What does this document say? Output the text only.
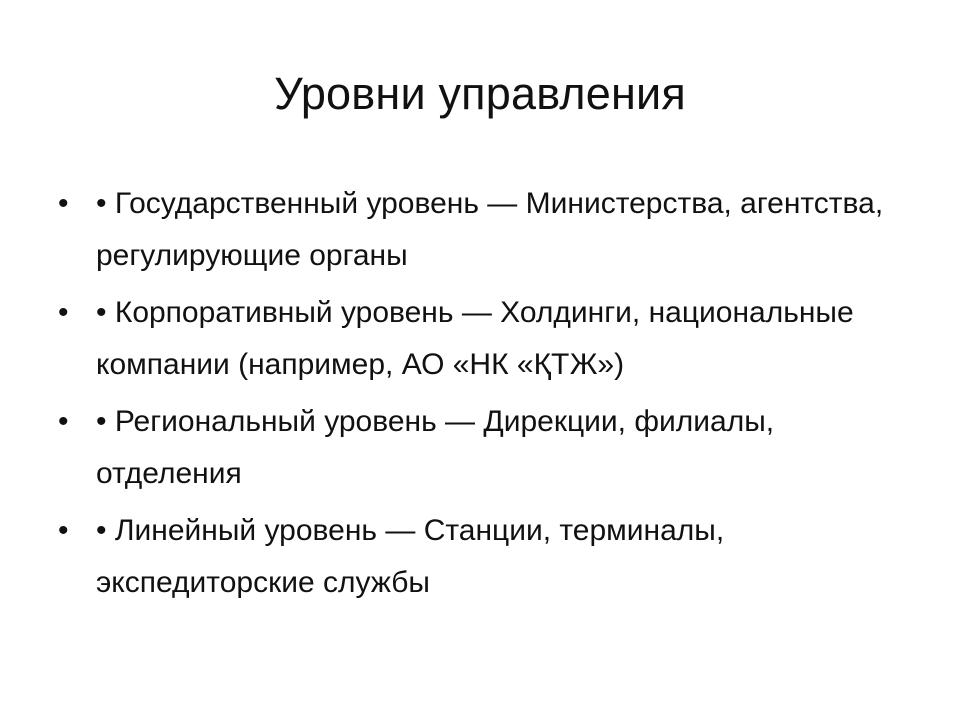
Уровни управления
• • Государственный уровень — Министерства, агентства, регулирующие органы
• • Корпоративный уровень — Холдинги, национальные компании (например, АО «НК «ҚТЖ»)
• • Региональный уровень — Дирекции, филиалы, отделения
• • Линейный уровень — Станции, терминалы, экспедиторские службы
